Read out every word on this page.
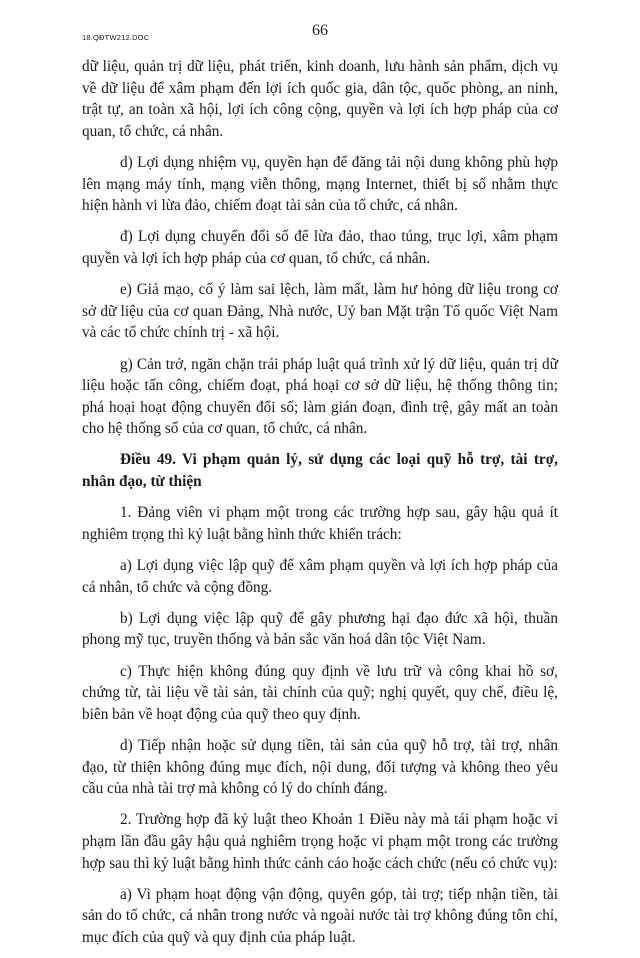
18.QĐTW212.DOC	66

dữ liệu, quản trị dữ liệu, phát triển, kinh doanh, lưu hành sản phẩm, dịch vụ về dữ liệu để xâm phạm đến lợi ích quốc gia, dân tộc, quốc phòng, an ninh, trật tự, an toàn xã hội, lợi ích công cộng, quyền và lợi ích hợp pháp của cơ quan, tổ chức, cá nhân.

d) Lợi dụng nhiệm vụ, quyền hạn để đăng tải nội dung không phù hợp lên mạng máy tính, mạng viễn thông, mạng Internet, thiết bị số nhằm thực hiện hành vi lừa đảo, chiếm đoạt tài sản của tổ chức, cá nhân.

đ) Lợi dụng chuyển đổi số để lừa đảo, thao túng, trục lợi, xâm phạm quyền và lợi ích hợp pháp của cơ quan, tổ chức, cá nhân.

e) Giả mạo, cố ý làm sai lệch, làm mất, làm hư hỏng dữ liệu trong cơ sở dữ liệu của cơ quan Đảng, Nhà nước, Uỷ ban Mặt trận Tổ quốc Việt Nam và các tổ chức chính trị - xã hội.

g) Cản trở, ngăn chặn trái pháp luật quá trình xử lý dữ liệu, quản trị dữ liệu hoặc tấn công, chiếm đoạt, phá hoại cơ sở dữ liệu, hệ thống thông tin; phá hoại hoạt động chuyển đổi số; làm gián đoạn, đình trệ, gây mất an toàn cho hệ thống số của cơ quan, tổ chức, cá nhân.

Điều 49. Vi phạm quản lý, sử dụng các loại quỹ hỗ trợ, tài trợ, nhân đạo, từ thiện

1. Đảng viên vi phạm một trong các trường hợp sau, gây hậu quả ít nghiêm trọng thì kỷ luật bằng hình thức khiển trách:

a) Lợi dụng việc lập quỹ để xâm phạm quyền và lợi ích hợp pháp của cá nhân, tổ chức và cộng đồng.

b) Lợi dụng việc lập quỹ để gây phương hại đạo đức xã hội, thuần phong mỹ tục, truyền thống và bản sắc văn hoá dân tộc Việt Nam.

c) Thực hiện không đúng quy định về lưu trữ và công khai hồ sơ, chứng từ, tài liệu về tài sản, tài chính của quỹ; nghị quyết, quy chế, điều lệ, biên bản về hoạt động của quỹ theo quy định.

d) Tiếp nhận hoặc sử dụng tiền, tài sản của quỹ hỗ trợ, tài trợ, nhân đạo, từ thiện không đúng mục đích, nội dung, đối tượng và không theo yêu cầu của nhà tài trợ mà không có lý do chính đáng.

2. Trường hợp đã kỷ luật theo Khoản 1 Điều này mà tái phạm hoặc vi phạm lần đầu gây hậu quả nghiêm trọng hoặc vi phạm một trong các trường hợp sau thì kỷ luật bằng hình thức cảnh cáo hoặc cách chức (nếu có chức vụ):

a) Vi phạm hoạt động vận động, quyên góp, tài trợ; tiếp nhận tiền, tài sản do tổ chức, cá nhân trong nước và ngoài nước tài trợ không đúng tôn chỉ, mục đích của quỹ và quy định của pháp luật.
